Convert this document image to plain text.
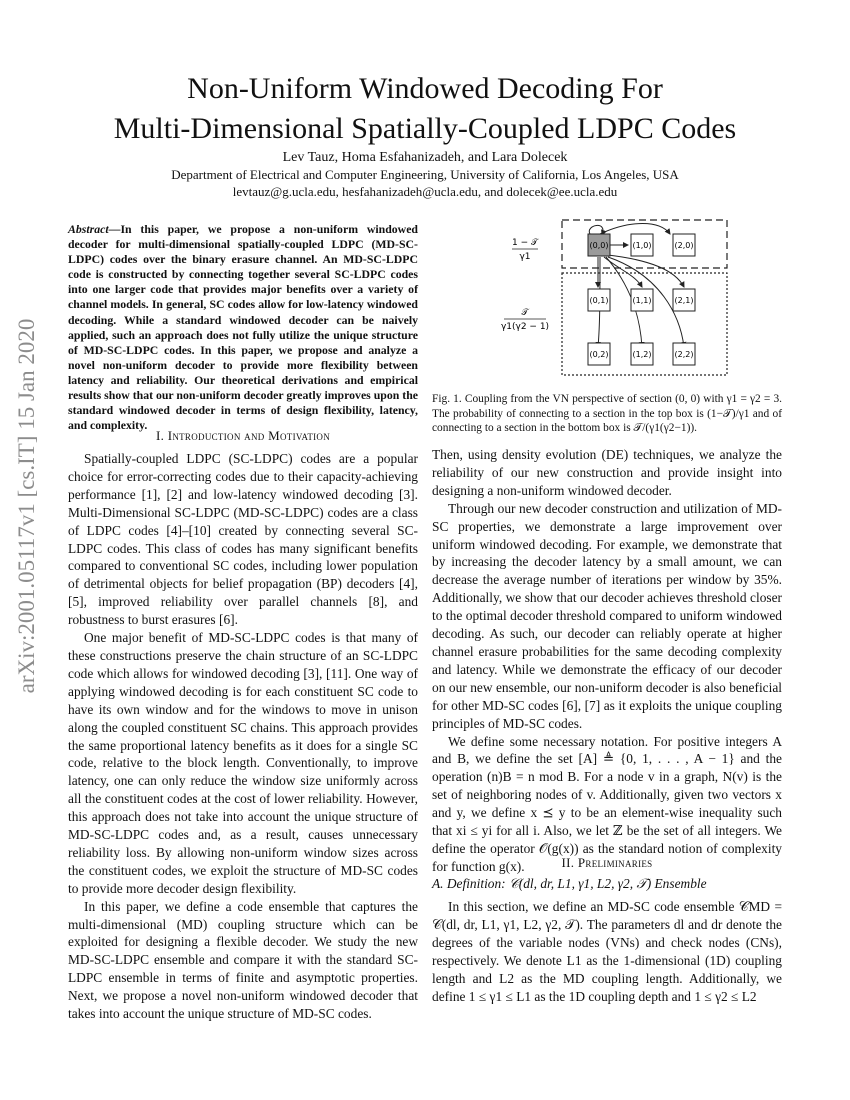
Non-Uniform Windowed Decoding For
Multi-Dimensional Spatially-Coupled LDPC Codes
Lev Tauz, Homa Esfahanizadeh, and Lara Dolecek
Department of Electrical and Computer Engineering, University of California, Los Angeles, USA
levtauz@g.ucla.edu, hesfahanizadeh@ucla.edu, and dolecek@ee.ucla.edu
arXiv:2001.05117v1 [cs.IT] 15 Jan 2020
Abstract—In this paper, we propose a non-uniform windowed decoder for multi-dimensional spatially-coupled LDPC (MD-SC-LDPC) codes over the binary erasure channel. An MD-SC-LDPC code is constructed by connecting together several SC-LDPC codes into one larger code that provides major benefits over a variety of channel models. In general, SC codes allow for low-latency windowed decoding. While a standard windowed decoder can be naively applied, such an approach does not fully utilize the unique structure of MD-SC-LDPC codes. In this paper, we propose and analyze a novel non-uniform decoder to provide more flexibility between latency and reliability. Our theoretical derivations and empirical results show that our non-uniform decoder greatly improves upon the standard windowed decoder in terms of design flexibility, latency, and complexity.
I. Introduction and Motivation

Spatially-coupled LDPC (SC-LDPC) codes are a popular choice for error-correcting codes due to their capacity-achieving performance [1], [2] and low-latency windowed decoding [3]. Multi-Dimensional SC-LDPC (MD-SC-LDPC) codes are a class of LDPC codes [4]–[10] created by connecting several SC-LDPC codes. This class of codes has many significant benefits compared to conventional SC codes, including lower population of detrimental objects for belief propagation (BP) decoders [4], [5], improved reliability over parallel channels [8], and robustness to burst erasures [6].

One major benefit of MD-SC-LDPC codes is that many of these constructions preserve the chain structure of an SC-LDPC code which allows for windowed decoding [3], [11]. One way of applying windowed decoding is for each constituent SC code to have its own window and for the windows to move in unison along the coupled constituent SC chains. This approach provides the same proportional latency benefits as it does for a single SC code, relative to the block length. Conventionally, to improve latency, one can only reduce the window size uniformly across all the constituent codes at the cost of lower reliability. However, this approach does not take into account the unique structure of MD-SC-LDPC codes and, as a result, causes unnecessary reliability loss. By allowing non-uniform window sizes across the constituent codes, we exploit the structure of MD-SC codes to provide more decoder design flexibility.

In this paper, we define a code ensemble that captures the multi-dimensional (MD) coupling structure which can be exploited for designing a flexible decoder. We study the new MD-SC-LDPC ensemble and compare it with the standard SC-LDPC ensemble in terms of finite and asymptotic properties. Next, we propose a novel non-uniform windowed decoder that takes into account the unique structure of MD-SC codes.

1 − 𝒯
γ1
𝒯
γ1(γ2 − 1)
(0,0)	(1,0)	(2,0)
(0,1)	(1,1)	(2,1)
(0,2)	(1,2)	(2,2)
Fig. 1. Coupling from the VN perspective of section (0, 0) with γ1 = γ2 = 3. The probability of connecting to a section in the top box is (1−𝒯)/γ1 and of connecting to a section in the bottom box is 𝒯/(γ1(γ2−1)).

Then, using density evolution (DE) techniques, we analyze the reliability of our new construction and provide insight into designing a non-uniform windowed decoder.

Through our new decoder construction and utilization of MD-SC properties, we demonstrate a large improvement over uniform windowed decoding. For example, we demonstrate that by increasing the decoder latency by a small amount, we can decrease the average number of iterations per window by 35%. Additionally, we show that our decoder achieves threshold closer to the optimal decoder threshold compared to uniform windowed decoding. As such, our decoder can reliably operate at higher channel erasure probabilities for the same decoding complexity and latency. While we demonstrate the efficacy of our decoder on our new ensemble, our non-uniform decoder is also beneficial for other MD-SC codes [6], [7] as it exploits the unique coupling principles of MD-SC codes.

We define some necessary notation. For positive integers A and B, we define the set [A] ≜ {0, 1, . . . , A − 1} and the operation (n)B = n mod B. For a node v in a graph, N(v) is the set of neighboring nodes of v. Additionally, given two vectors x and y, we define x ⪯ y to be an element-wise inequality such that xi ≤ yi for all i. Also, we let ℤ be the set of all integers. We define the operator 𝒪(g(x)) as the standard notion of complexity for function g(x).	II. Preliminaries
A. Definition: 𝒞(dl, dr, L1, γ1, L2, γ2, 𝒯) Ensemble

In this section, we define an MD-SC code ensemble 𝒞MD = 𝒞(dl, dr, L1, γ1, L2, γ2, 𝒯). The parameters dl and dr denote the degrees of the variable nodes (VNs) and check nodes (CNs), respectively. We denote L1 as the 1-dimensional (1D) coupling length and L2 as the MD coupling length. Additionally, we define 1 ≤ γ1 ≤ L1 as the 1D coupling depth and 1 ≤ γ2 ≤ L2
